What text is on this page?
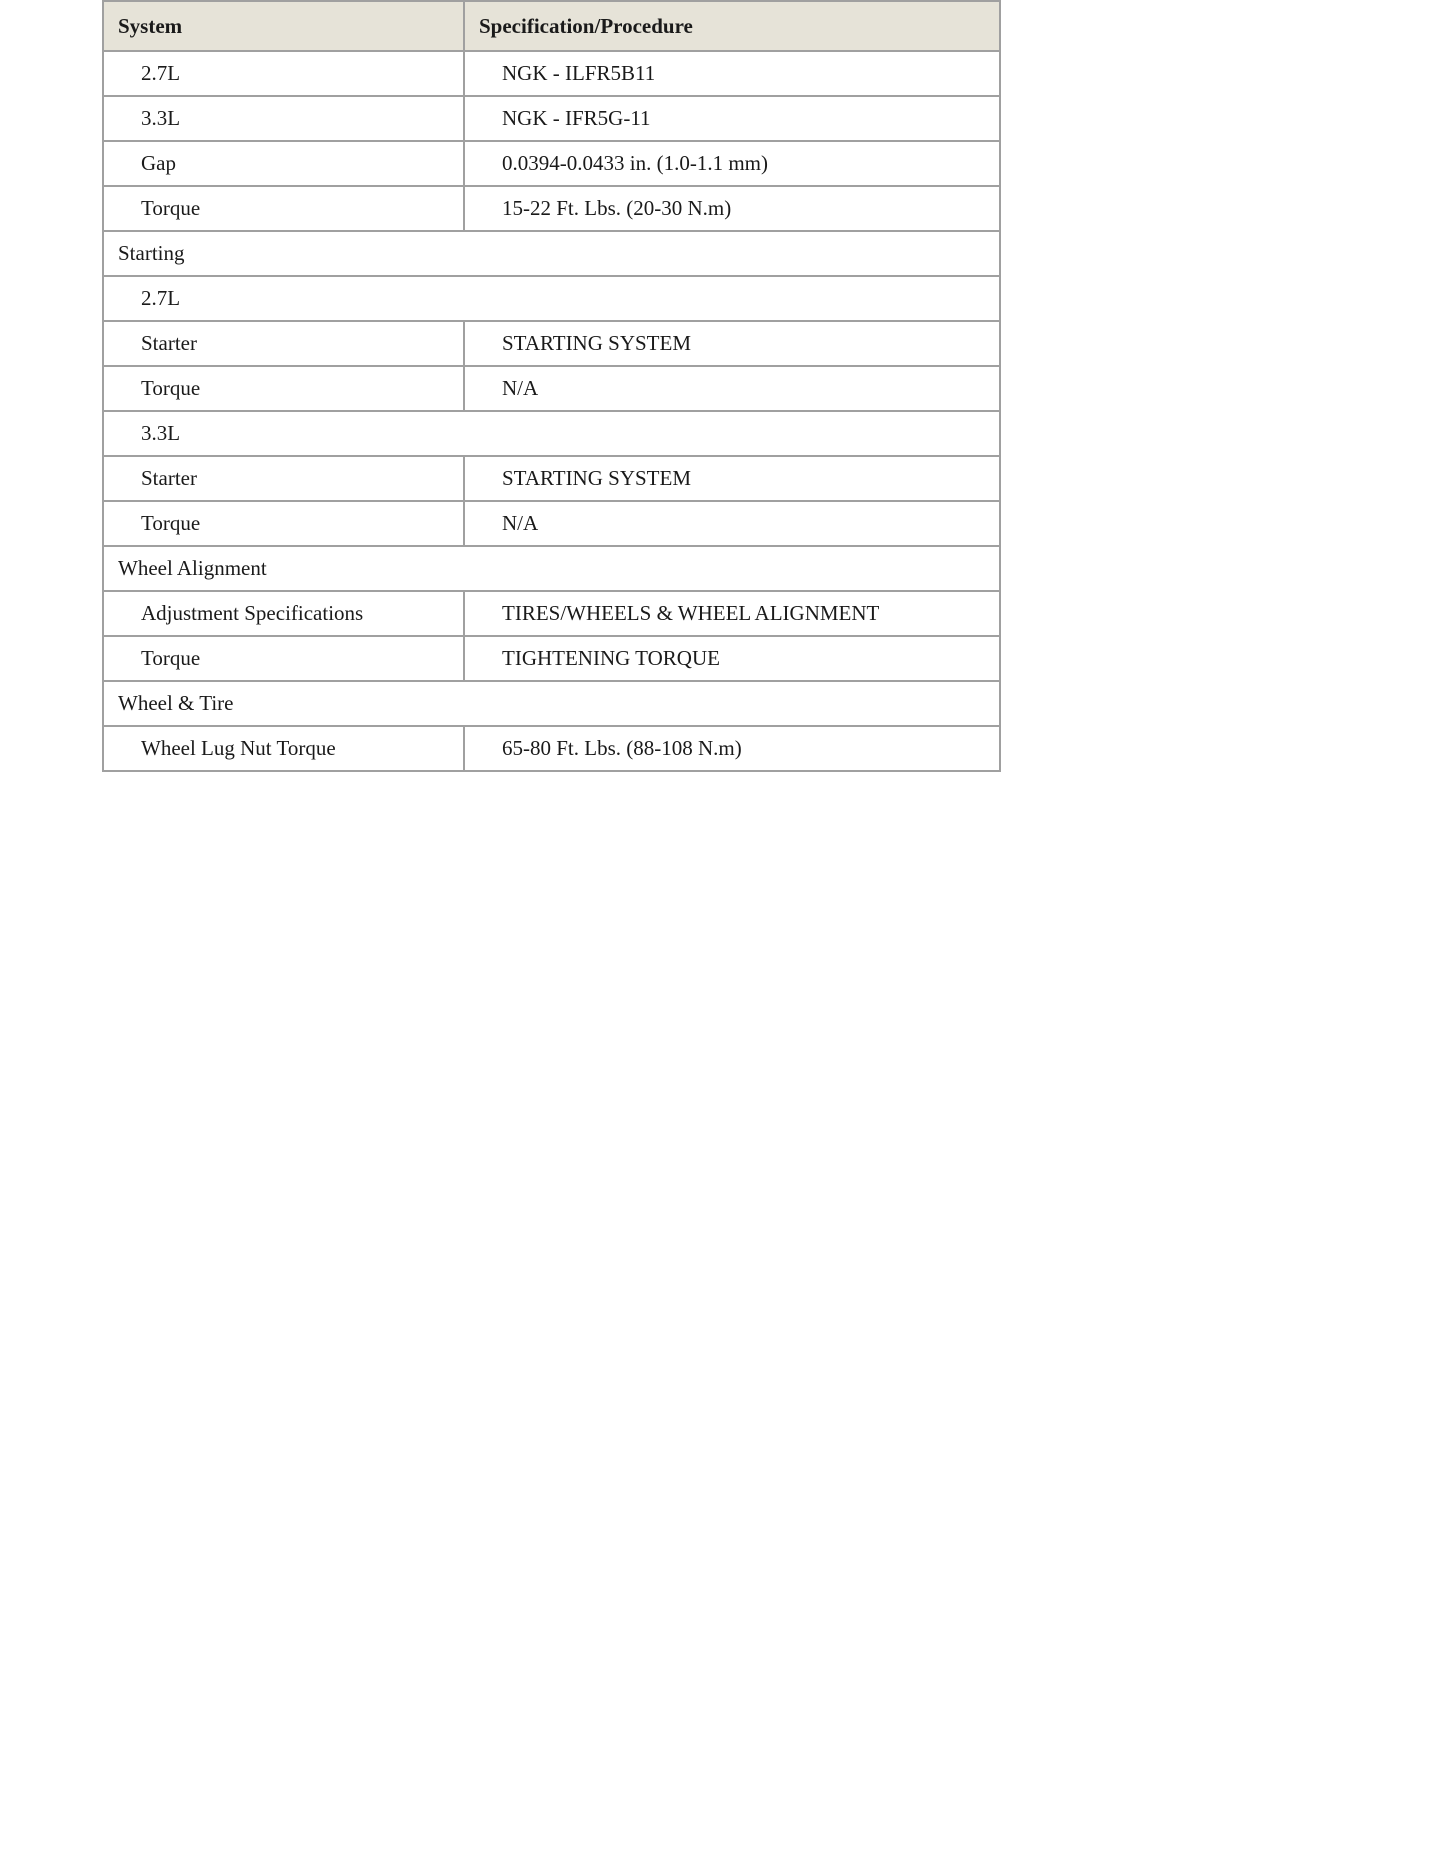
System	Specification/Procedure
2.7L	NGK - ILFR5B11
3.3L	NGK - IFR5G-11
Gap	0.0394-0.0433 in. (1.0-1.1 mm)
Torque	15-22 Ft. Lbs. (20-30 N.m)
Starting	
2.7L	
Starter	STARTING SYSTEM
Torque	N/A
3.3L	
Starter	STARTING SYSTEM
Torque	N/A
Wheel Alignment	
Adjustment Specifications	TIRES/WHEELS & WHEEL ALIGNMENT
Torque	TIGHTENING TORQUE
Wheel & Tire	
Wheel Lug Nut Torque	65-80 Ft. Lbs. (88-108 N.m)
